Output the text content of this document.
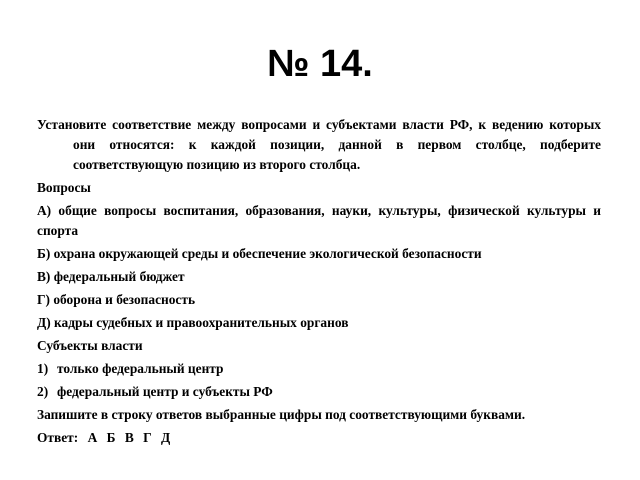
№ 14.

Установите соответствие между вопросами и субъектами власти РФ, к ведению которых они относятся: к каждой позиции, данной в первом столбце, подберите соответствующую позицию из второго столбца.

Вопросы

А) общие вопросы воспитания, образования, науки, культуры, физической культуры и спорта

Б) охрана окружающей среды и обеспечение экологической безопасности

В) федеральный бюджет

Г) оборона и безопасность

Д) кадры судебных и правоохранительных органов

Субъекты власти

1) только федеральный центр
2) федеральный центр и субъекты РФ

Запишите в строку ответов выбранные цифры под соответствующими буквами.

Ответ: А Б В Г Д
